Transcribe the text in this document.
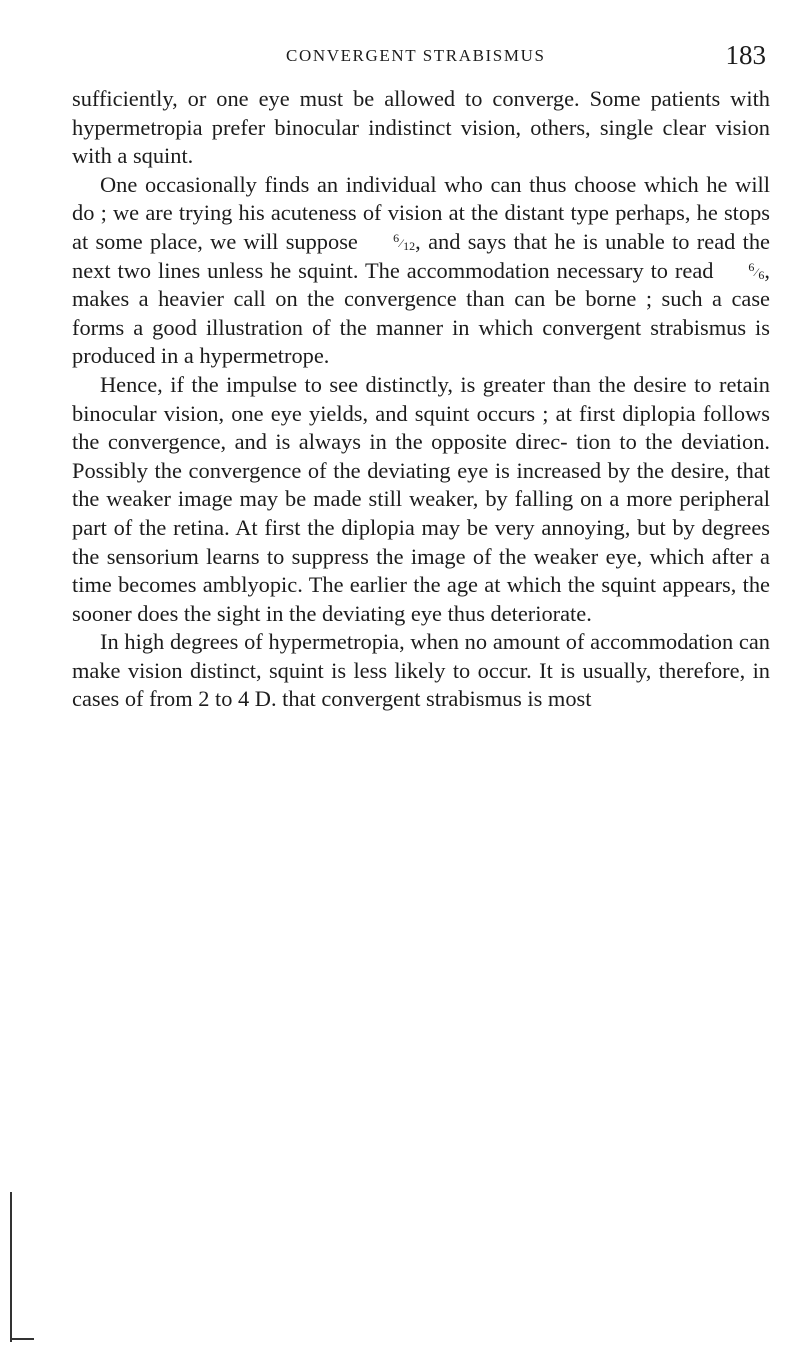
CONVERGENT STRABISMUS	183

sufficiently, or one eye must be allowed to converge. Some patients with hypermetropia prefer binocular indistinct vision, others, single clear vision with a squint.

One occasionally finds an individual who can thus choose which he will do ; we are trying his acuteness of vision at the distant type perhaps, he stops at some place, we will suppose 6⁄12, and says that he is unable to read the next two lines unless he squint. The accommodation necessary to read 6⁄6, makes a heavier call on the convergence than can be borne ; such a case forms a good illustration of the manner in which convergent strabismus is produced in a hypermetrope.

Hence, if the impulse to see distinctly, is greater than the desire to retain binocular vision, one eye yields, and squint occurs ; at first diplopia follows the convergence, and is always in the opposite direc- tion to the deviation. Possibly the convergence of the deviating eye is increased by the desire, that the weaker image may be made still weaker, by falling on a more peripheral part of the retina. At first the diplopia may be very annoying, but by degrees the sensorium learns to suppress the image of the weaker eye, which after a time becomes amblyopic. The earlier the age at which the squint appears, the sooner does the sight in the deviating eye thus deteriorate.

In high degrees of hypermetropia, when no amount of accommodation can make vision distinct, squint is less likely to occur. It is usually, therefore, in cases of from 2 to 4 D. that convergent strabismus is most
